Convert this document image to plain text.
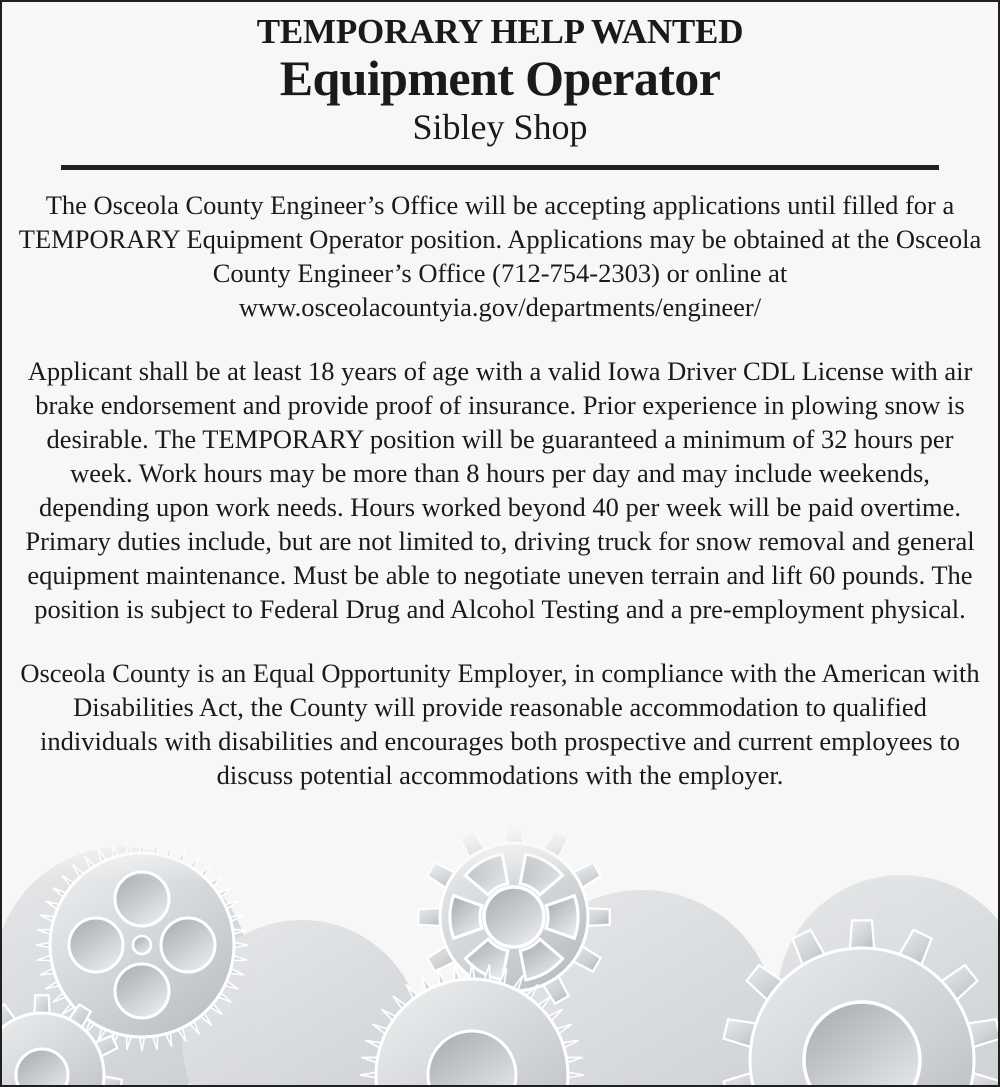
TEMPORARY HELP WANTED
Equipment Operator
Sibley Shop

The Osceola County Engineer’s Office will be accepting applications until filled for a TEMPORARY Equipment Operator position. Applications may be obtained at the Osceola County Engineer’s Office (712-754-2303) or online at www.osceolacountyia.gov/departments/engineer/

Applicant shall be at least 18 years of age with a valid Iowa Driver CDL License with air brake endorsement and provide proof of insurance. Prior experience in plowing snow is desirable. The TEMPORARY position will be guaranteed a minimum of 32 hours per week. Work hours may be more than 8 hours per day and may include weekends, depending upon work needs. Hours worked beyond 40 per week will be paid overtime. Primary duties include, but are not limited to, driving truck for snow removal and general equipment maintenance. Must be able to negotiate uneven terrain and lift 60 pounds. The position is subject to Federal Drug and Alcohol Testing and a pre-employment physical.

Osceola County is an Equal Opportunity Employer, in compliance with the American with Disabilities Act, the County will provide reasonable accommodation to qualified individuals with disabilities and encourages both prospective and current employees to discuss potential accommodations with the employer.
